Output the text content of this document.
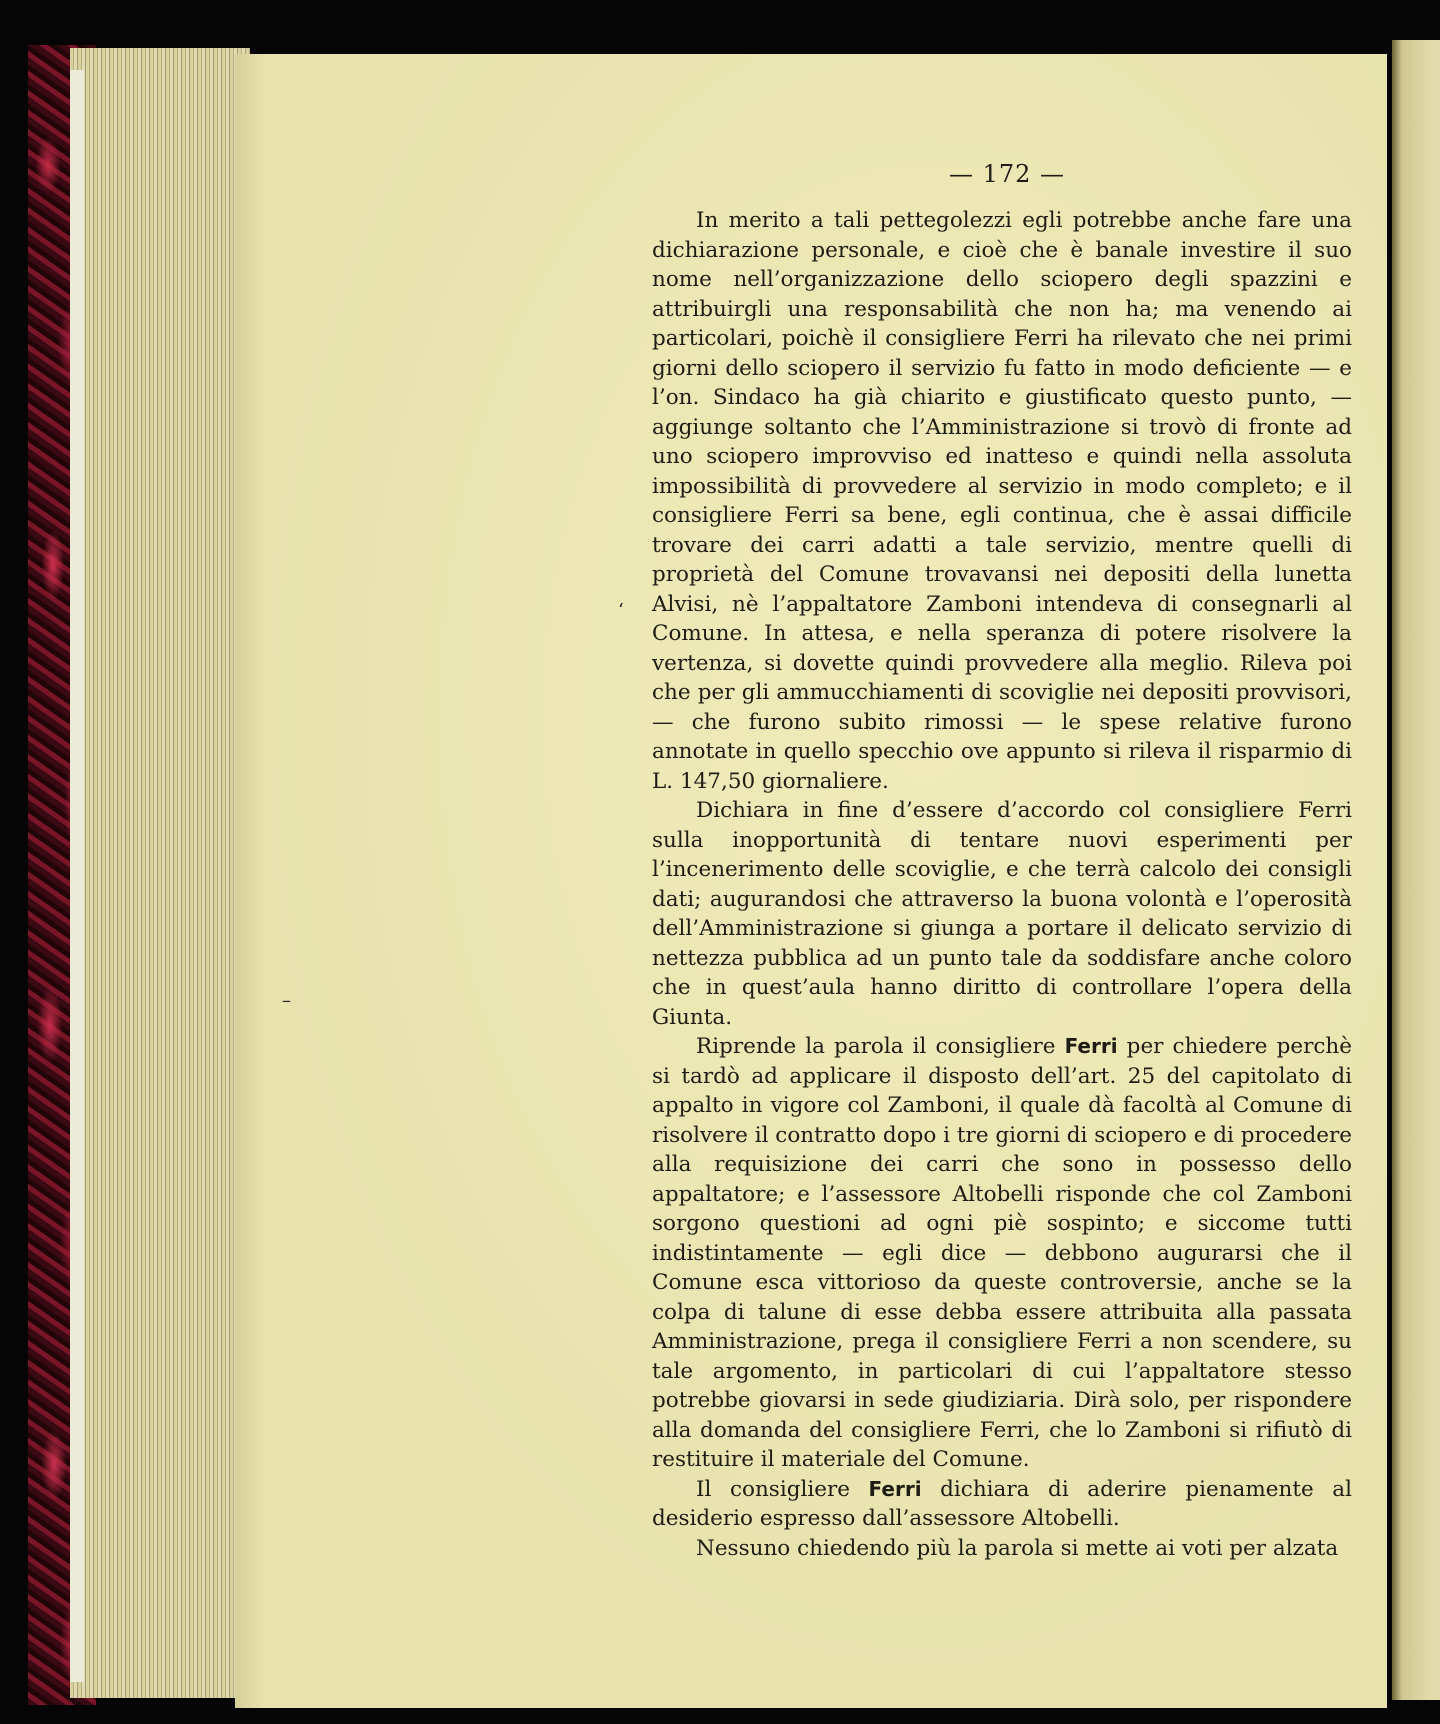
— 172 —

In merito a tali pettegolezzi egli potrebbe anche fare una dichiarazione personale, e cioè che è banale investire il suo nome nell’organizzazione dello sciopero degli spazzini e attribuirgli una responsabilità che non ha; ma venendo ai particolari, poichè il consigliere Ferri ha rilevato che nei primi giorni dello sciopero il servizio fu fatto in modo deficiente — e l’on. Sindaco ha già chiarito e giustificato questo punto, — aggiunge soltanto che l’Amministrazione si trovò di fronte ad uno sciopero improvviso ed inatteso e quindi nella assoluta impossibilità di provvedere al servizio in modo completo; e il consigliere Ferri sa bene, egli continua, che è assai difficile trovare dei carri adatti a tale servizio, mentre quelli di proprietà del Comune trovavansi nei depositi della lunetta Alvisi, nè l’appaltatore Zamboni intendeva di consegnarli al Comune. In attesa, e nella speranza di potere risolvere la vertenza, si dovette quindi provvedere alla meglio. Rileva poi che per gli ammucchiamenti di scoviglie nei depositi provvisori, — che furono subito rimossi — le spese relative furono annotate in quello specchio ove appunto si rileva il risparmio di L. 147,50 giornaliere.

Dichiara in fine d’essere d’accordo col consigliere Ferri sulla inopportunità di tentare nuovi esperimenti per l’incenerimento delle scoviglie, e che terrà calcolo dei consigli dati; augurandosi che attraverso la buona volontà e l’operosità dell’Amministrazione si giunga a portare il delicato servizio di nettezza pubblica ad un punto tale da soddisfare anche coloro che in quest’aula hanno diritto di controllare l’opera della Giunta.

Riprende la parola il consigliere Ferri per chiedere perchè si tardò ad applicare il disposto dell’art. 25 del capitolato di appalto in vigore col Zamboni, il quale dà facoltà al Comune di risolvere il contratto dopo i tre giorni di sciopero e di procedere alla requisizione dei carri che sono in possesso dello appaltatore; e l’assessore Altobelli risponde che col Zamboni sorgono questioni ad ogni piè sospinto; e siccome tutti indistintamente — egli dice — debbono augurarsi che il Comune esca vittorioso da queste controversie, anche se la colpa di talune di esse debba essere attribuita alla passata Amministrazione, prega il consigliere Ferri a non scendere, su tale argomento, in particolari di cui l’appaltatore stesso potrebbe giovarsi in sede giudiziaria. Dirà solo, per rispondere alla domanda del consigliere Ferri, che lo Zamboni si rifiutò di restituire il materiale del Comune.

Il consigliere Ferri dichiara di aderire pienamente al desiderio espresso dall’assessore Altobelli.

Nessuno chiedendo più la parola si mette ai voti per alzata

ʻ
–
